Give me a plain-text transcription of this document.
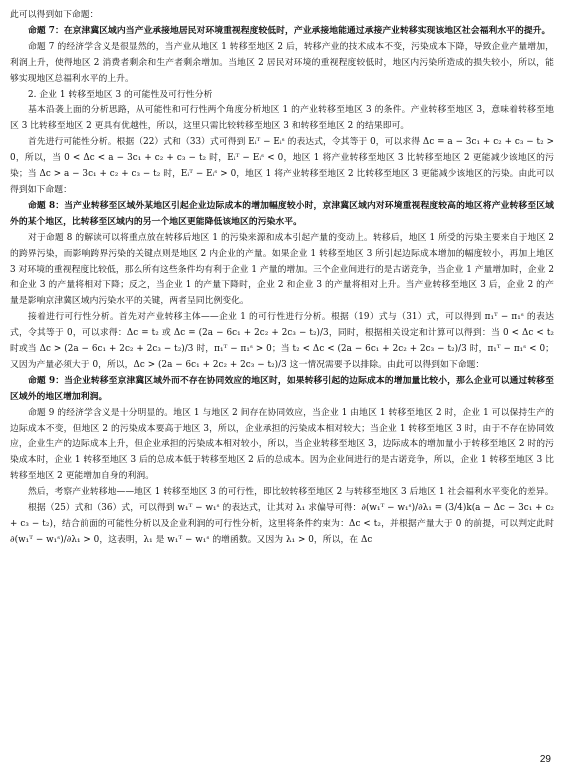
此可以得到如下命题：

命题 7：在京津冀区域内当产业承接地居民对环境重视程度较低时，产业承接地能通过承接产业转移实现该地区社会福利水平的提升。

命题 7 的经济学含义是很显然的，当产业从地区 1 转移至地区 2 后，转移产业的技术成本不变，污染成本下降，导致企业产量增加，利润上升，使得地区 2 消费者剩余和生产者剩余增加。当地区 2 居民对环境的重视程度较低时，地区内污染所造成的损失较小，所以，能够实现地区总福利水平的上升。

2. 企业 1 转移至地区 3 的可能性及可行性分析

基本沿袭上面的分析思路，从可能性和可行性两个角度分析地区 1 的产业转移至地区 3 的条件。产业转移至地区 3，意味着转移至地区 3 比转移至地区 2 更具有优越性，所以，这里只需比较转移至地区 3 和转移至地区 2 的结果即可。

首先进行可能性分析。根据（22）式和（33）式可得到 Eᵢᵀ − Eᵢˢ 的表达式，令其等于 0，可以求得 Δc = a − 3c₁ + c₂ + c₃ − t₂ > 0，所以，当 0 < Δc < a − 3c₁ + c₂ + c₃ − t₂ 时，Eᵢᵀ − Eᵢˢ < 0，地区 1 将产业转移至地区 3 比转移至地区 2 更能减少该地区的污染；当 Δc > a − 3c₁ + c₂ + c₃ − t₂ 时，Eᵢᵀ − Eᵢˢ > 0，地区 1 将产业转移至地区 2 比转移至地区 3 更能减少该地区的污染。由此可以得到如下命题：

命题 8：当产业转移至区域外某地区引起企业边际成本的增加幅度较小时，京津冀区域内对环境重视程度较高的地区将产业转移至区域外的某个地区，比转移至区域内的另一个地区更能降低该地区的污染水平。

对于命题 8 的解读可以将重点放在转移后地区 1 的污染来源和成本引起产量的变动上。转移后，地区 1 所受的污染主要来自于地区 2 的跨界污染，而影响跨界污染的关键点则是地区 2 内企业的产量。如果企业 1 转移至地区 3 所引起边际成本增加的幅度较小，再加上地区 3 对环境的重视程度比较低，那么所有这些条件均有利于企业 1 产量的增加。三个企业间进行的是古诺竞争，当企业 1 产量增加时，企业 2 和企业 3 的产量将相对下降；反之，当企业 1 的产量下降时，企业 2 和企业 3 的产量将相对上升。当产业转移至地区 3 后，企业 2 的产量是影响京津冀区域内污染水平的关键，两者呈同比例变化。

接着进行可行性分析。首先对产业转移主体——企业 1 的可行性进行分析。根据（19）式与（31）式，可以得到 π₁ᵀ − π₁ˢ 的表达式，令其等于 0，可以求得：Δc = t₂ 或 Δc = (2a − 6c₁ + 2c₂ + 2c₃ − t₂)/3，同时，根据相关设定和计算可以得到：当 0 < Δc < t₂ 时或当 Δc > (2a − 6c₁ + 2c₂ + 2c₃ − t₂)/3 时，π₁ᵀ − π₁ˢ > 0；当 t₂ < Δc < (2a − 6c₁ + 2c₂ + 2c₃ − t₂)/3 时，π₁ᵀ − π₁ˢ < 0；又因为产量必须大于 0，所以，Δc > (2a − 6c₁ + 2c₂ + 2c₃ − t₂)/3 这一情况需要予以排除。由此可以得到如下命题：

命题 9：当企业转移至京津冀区域外而不存在协同效应的地区时，如果转移引起的边际成本的增加量比较小，那么企业可以通过转移至区域外的地区增加利润。

命题 9 的经济学含义是十分明显的。地区 1 与地区 2 间存在协同效应，当企业 1 由地区 1 转移至地区 2 时，企业 1 可以保持生产的边际成本不变，但地区 2 的污染成本要高于地区 3，所以，企业承担的污染成本相对较大；当企业 1 转移至地区 3 时，由于不存在协同效应，企业生产的边际成本上升，但企业承担的污染成本相对较小，所以，当企业转移至地区 3，边际成本的增加量小于转移至地区 2 时的污染成本时，企业 1 转移至地区 3 后的总成本低于转移至地区 2 后的总成本。因为企业间进行的是古诺竞争，所以，企业 1 转移至地区 3 比转移至地区 2 更能增加自身的利润。

然后，考察产业转移地——地区 1 转移至地区 3 的可行性，即比较转移至地区 2 与转移至地区 3 后地区 1 社会福利水平变化的差异。

根据（25）式和（36）式，可以得到 w₁ᵀ − w₁ˢ 的表达式，让其对 λ₁ 求偏导可得：∂(w₁ᵀ − w₁ˢ)/∂λ₁ = (3/4)k(a − Δc − 3c₁ + c₂ + c₃ − t₂)，结合前面的可能性分析以及企业利润的可行性分析，这里将条件约束为：Δc < t₂，并根据产量大于 0 的前提，可以判定此时 ∂(w₁ᵀ − w₁ˢ)/∂λ₁ > 0，这表明，λ₁ 是 w₁ᵀ − w₁ˢ 的增函数。又因为 λ₁ > 0，所以，在 Δc

29
